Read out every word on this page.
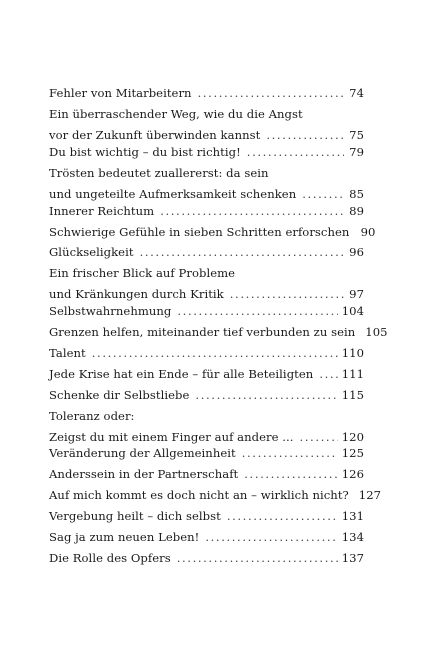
Fehler von Mitarbeitern .....	74
Ein überraschender Weg, wie du die Angst
vor der Zukunft überwinden kannst .....	75
Du bist wichtig – du bist richtig! .....	79
Trösten bedeutet zuallererst: da sein
und ungeteilte Aufmerksamkeit schenken .....	85
Innerer Reichtum .....	89
Schwierige Gefühle in sieben Schritten erforschen 90
Glückseligkeit .....	96
Ein frischer Blick auf Probleme
und Kränkungen durch Kritik .....	97
Selbstwahrnehmung .....	104
Grenzen helfen, miteinander tief verbunden zu sein 105
Talent .....	110
Jede Krise hat ein Ende – für alle Beteiligten ..... 111
Schenke dir Selbstliebe .....	115
Toleranz oder:
Zeigst du mit einem Finger auf andere ... .....	120
Veränderung der Allgemeinheit .....	125
Anderssein in der Partnerschaft .....	126
Auf mich kommt es doch nicht an – wirklich nicht? 127
Vergebung heilt – dich selbst .....	131
Sag ja zum neuen Leben! .....	134
Die Rolle des Opfers .....	137
